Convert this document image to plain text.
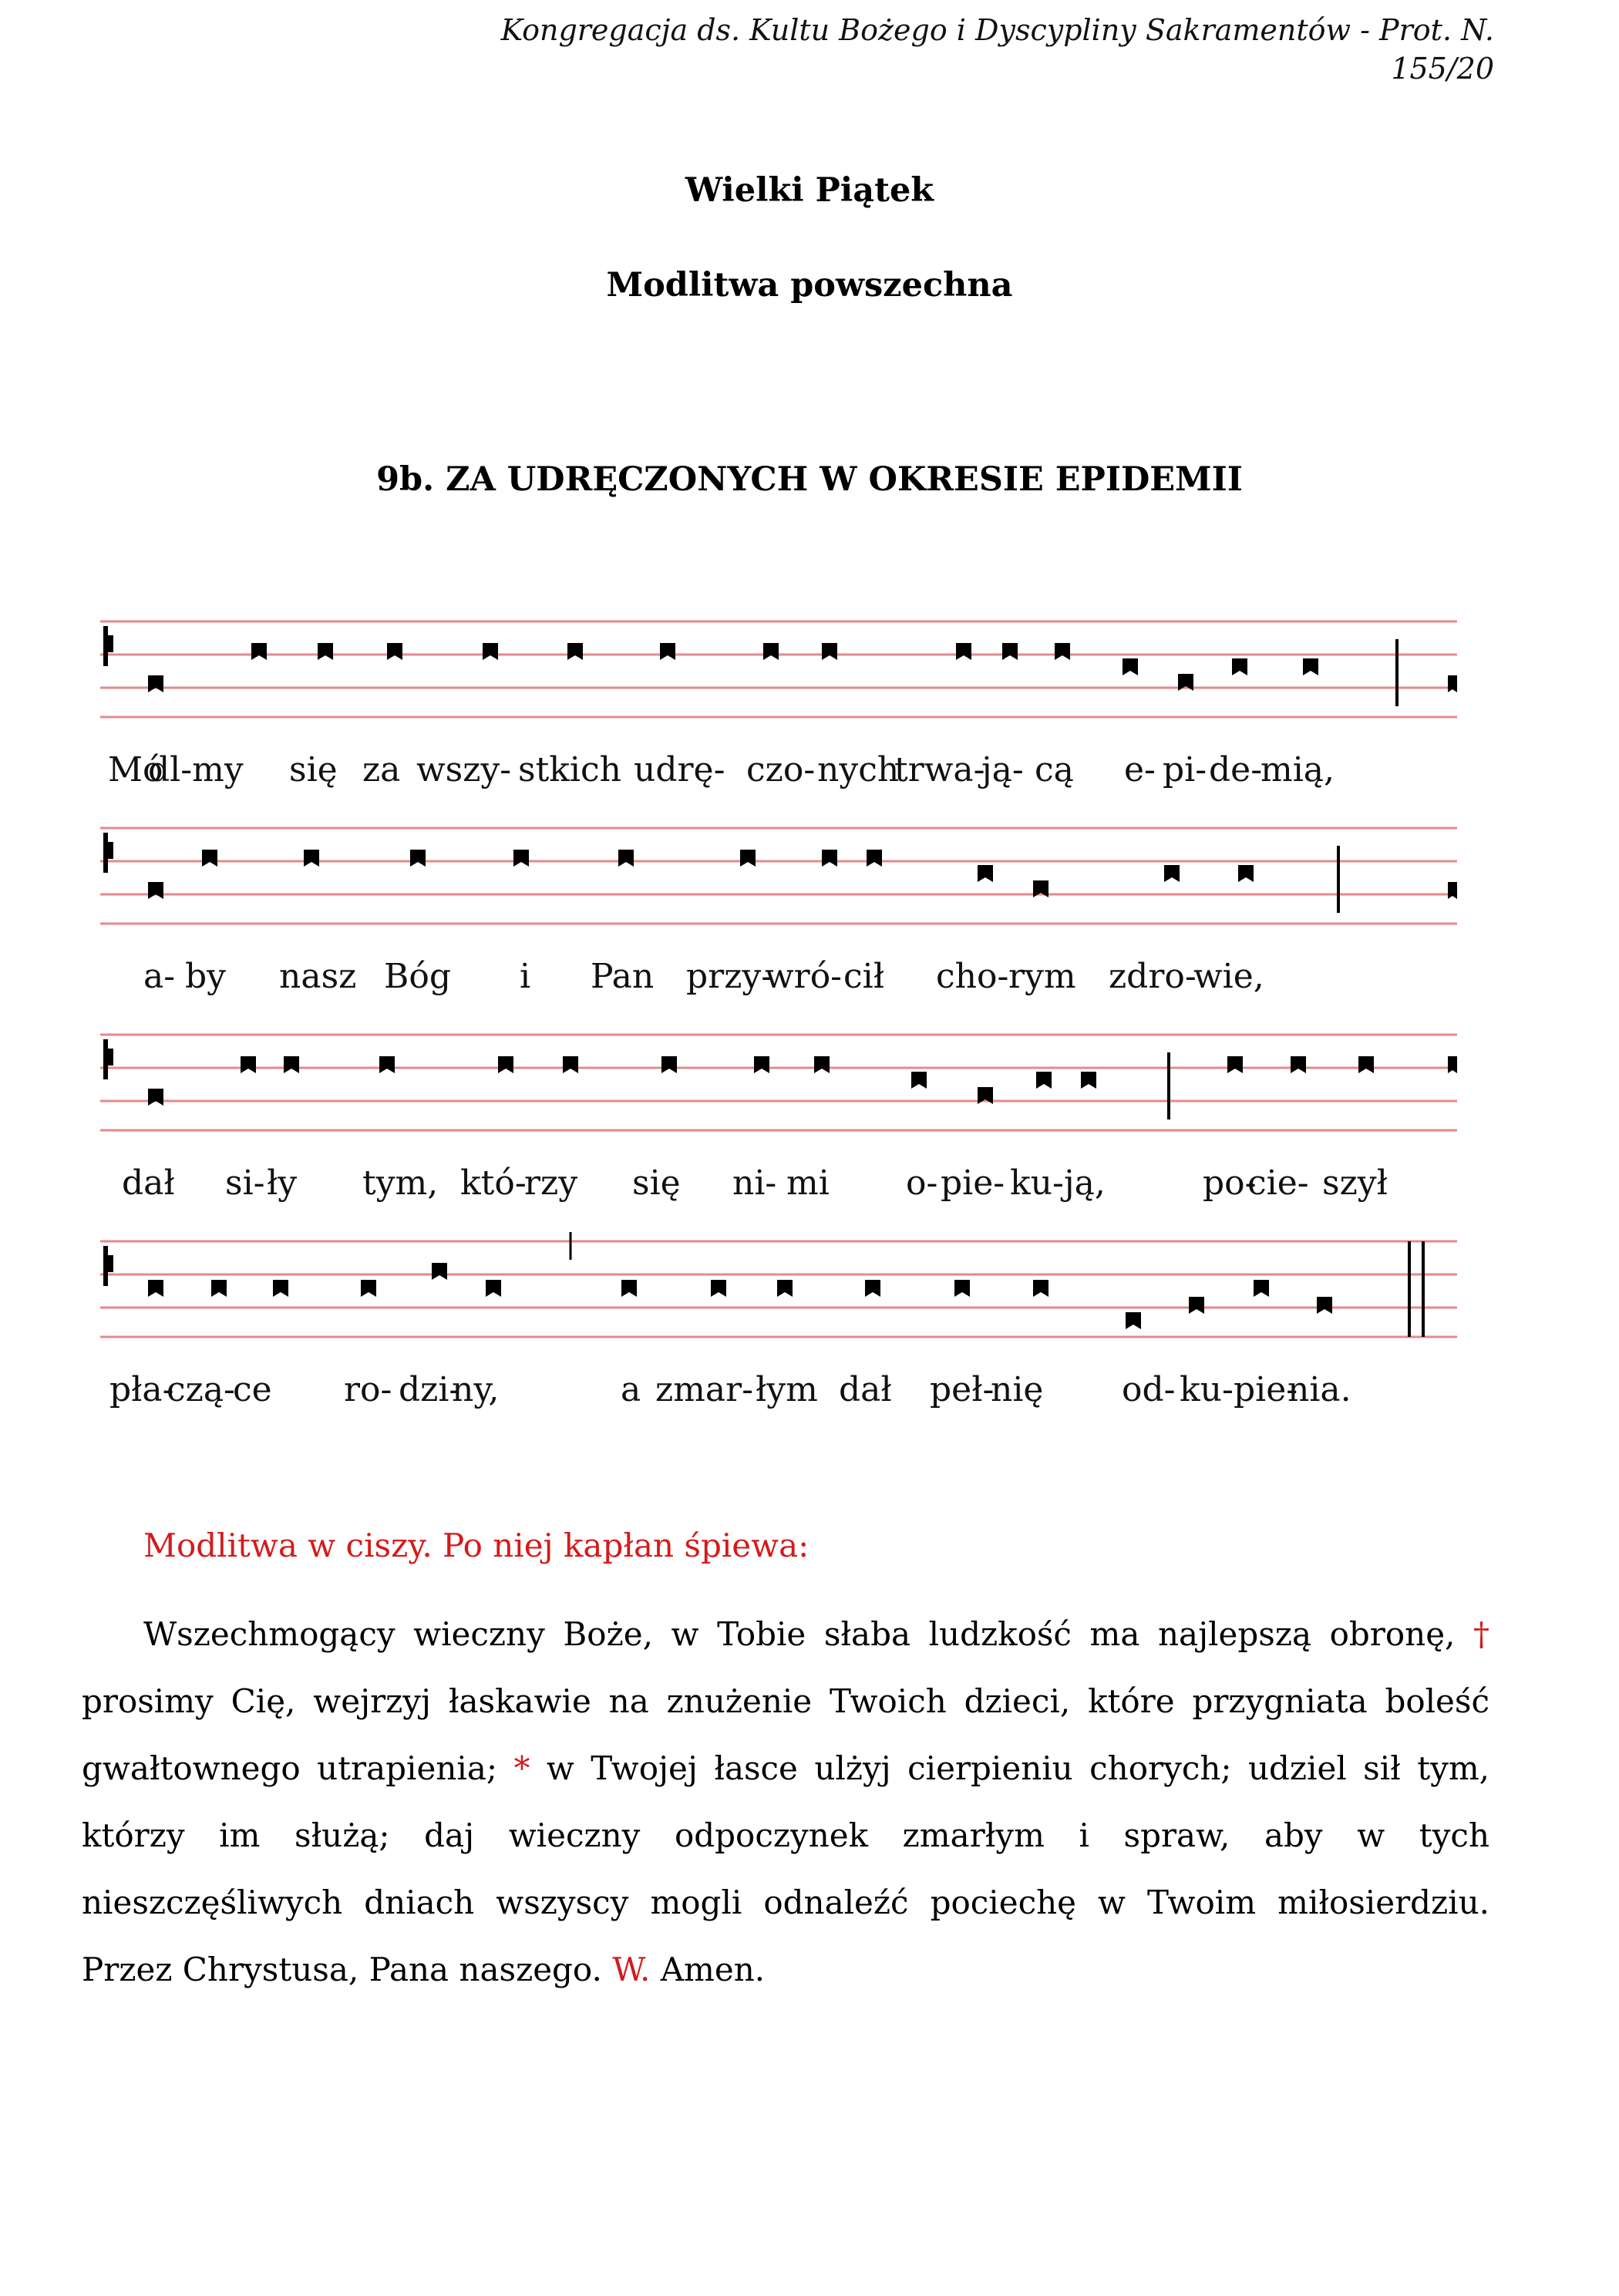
Kongregacja ds. Kultu Bożego i Dyscypliny Sakramentów - Prot. N. 155/20
Wielki Piątek
Modlitwa powszechna
9b. ZA UDRĘCZONYCH W OKRESIE EPIDEMII
Mó
dl-my się za wszy- stkich udrę- czo- nych
trwa-
ją- cą e- pi- de-
mią,
a- by nasz Bóg i Pan przy-
wró- cił cho- rym zdro-
wie,
dał si- ły tym, któ-
rzy się ni- mi o- pie- ku- ją,	po-
cie- szył
pła-
czą-
ce ro- dzi-
ny,	a zmar- łym dał peł-
nię od- ku- pie-
nia.
Modlitwa w ciszy. Po niej kapłan śpiewa:
Wszechmogący wieczny Boże, w Tobie słaba ludzkość ma najlepszą obronę, † prosimy Cię, wejrzyj łaskawie na znużenie Twoich dzieci, które przygniata boleść gwałtownego utrapienia; * w Twojej łasce ulżyj cierpieniu chorych; udziel sił tym, którzy im służą; daj wieczny odpoczynek zmarłym i spraw, aby w tych nieszczęśliwych dniach wszyscy mogli odnaleźć pociechę w Twoim miłosierdziu. Przez Chrystusa, Pana naszego. W. Amen.
